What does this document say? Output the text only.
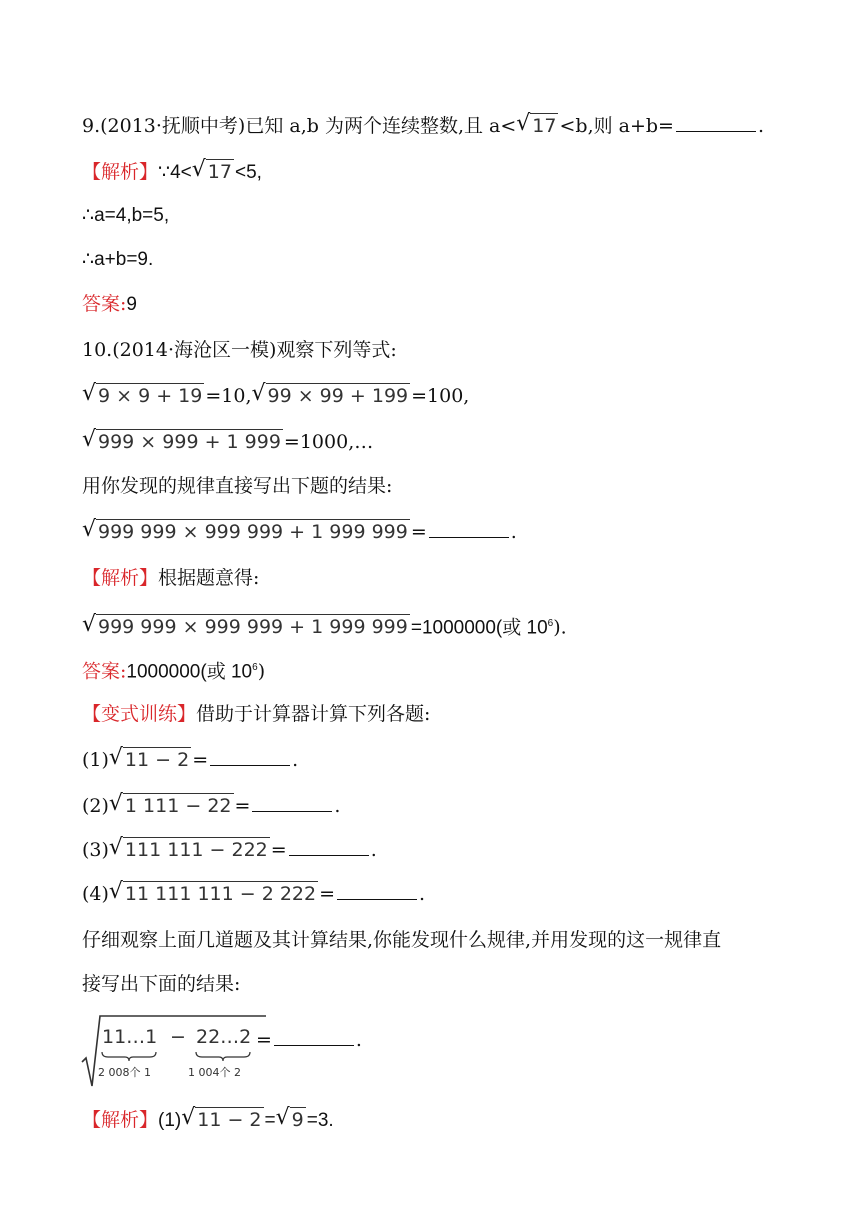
9.(2013·抚顺中考)已知 a,b 为两个连续整数,且 a< √ 17 <b,则 a+b=	.
【解析】∵4< √ 17 <5,
∴a=4,b=5,
∴a+b=9.
答案:9
10.(2014·海沧区一模)观察下列等式:
√ 9 × 9 + 19 =10, √ 99 × 99 + 199 =100,
√ 999 × 999 + 1 999 =1000,…
用你发现的规律直接写出下题的结果:
√ 999 999 × 999 999 + 1 999 999 =	.
【解析】根据题意得:
√ 999 999 × 999 999 + 1 999 999 =1000000(或 $10^6$).
答案:1000000(或 $10^6$)
【变式训练】借助于计算器计算下列各题:
(1) √ 11 − 2 =	.
(2) √ 1 111 − 22 =	.
(3) √ 111 111 − 222 =	.
(4) √ 11 111 111 − 2 222 =	.
仔细观察上面几道题及其计算结果,你能发现什么规律,并用发现的这一规律直
接写出下面的结果:
11…1
2 008个 1
− 22…2
1 004个 2
=	.
【解析】(1) √ 11 − 2 = √ 9 =3.
